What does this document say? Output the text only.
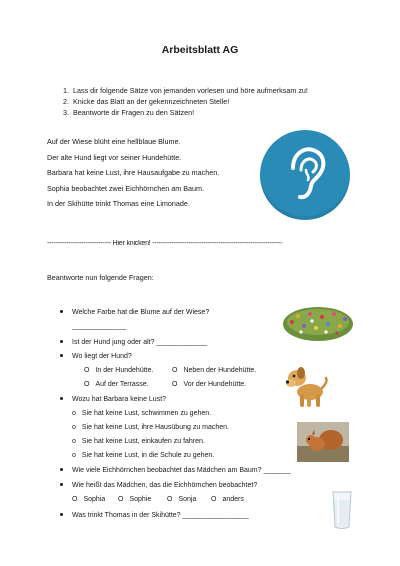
Arbeitsblatt AG
1. Lass dir folgende Sätze von jemanden vorlesen und höre aufmerksam zu!
2. Knicke das Blatt an der gekennzeichneten Stelle!
3. Beantworte dir Fragen zu den Sätzen!
Auf der Wiese blüht eine hellblaue Blume.
Der alte Hund liegt vor seiner Hundehütte.
Barbara hat keine Lust, ihre Hausaufgabe zu machen.
Sophia beobachtet zwei Eichhörnchen am Baum.
In der Skihütte trinkt Thomas eine Limonade.
------------------------------ Hier knicken! -------------------------------------------------------------
Beantworte nun folgende Fragen:
Welche Farbe hat die Blume auf der Wiese?
______________
Ist der Hund jung oder alt? _____________
Wo liegt der Hund?
O In der Hundehütte.	O Neben der Hundehütte.
O Auf der Terrasse.	O Vor der Hundehütte.
Wozu hat Barbara keine Lust?
o Sie hat keine Lust, schwimmen zu gehen.
o Sie hat keine Lust, ihre Hausübung zu machen.
o Sie hat keine Lust, einkaufen zu fahren.
o Sie hat keine Lust, in die Schule zu gehen.
Wie viele Eichhörnchen beobachtet das Mädchen am Baum? _______
Wie heißt das Mädchen, das die Eichhörnchen beobachtet?
O Sophia O Sophie O Sonja O anders
Was trinkt Thomas in der Skihütte? _________________
